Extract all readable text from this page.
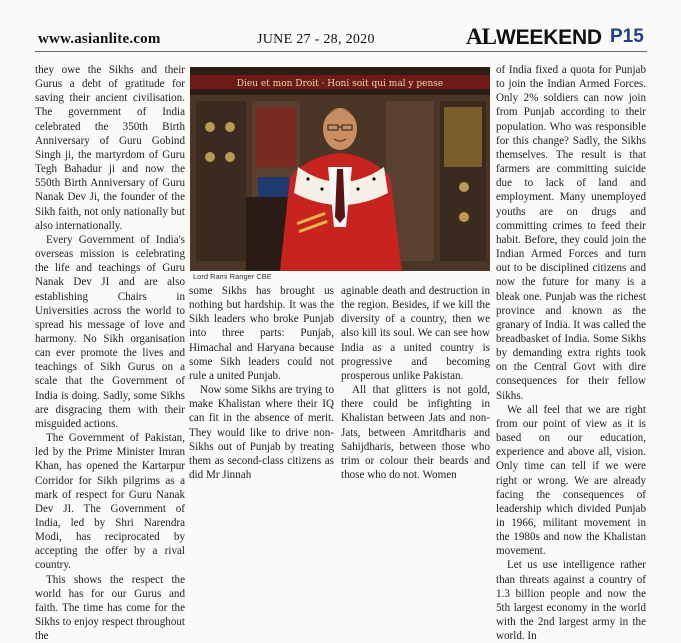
www.asianlite.com	JUNE 27 - 28, 2020	ALWEEKEND P15

they owe the Sikhs and their Gurus a debt of gratitude for saving their ancient civilisation. The government of India celebrated the 350th Birth Anniversary of Guru Gobind Singh ji, the martyrdom of Guru Tegh Bahadur ji and now the 550th Birth Anniversary of Guru Nanak Dev Ji, the founder of the Sikh faith, not only nationally but also internationally.

Every Government of India's overseas mission is celebrating the life and teachings of Guru Nanak Dev JI and are also establishing Chairs in Universities across the world to spread his message of love and harmony. No Sikh organisation can ever promote the lives and teachings of Sikh Gurus on a scale that the Government of India is doing. Sadly, some Sikhs are disgracing them with their misguided actions.

The Government of Pakistan, led by the Prime Minister Imran Khan, has opened the Kartarpur Corridor for Sikh pilgrims as a mark of respect for Guru Nanak Dev JI. The Government of India, led by Shri Narendra Modi, has reciprocated by accepting the offer by a rival country.

This shows the respect the world has for our Gurus and faith. The time has come for the Sikhs to enjoy respect throughout the

Dieu et mon Droit · Honi soit qui mal y pense
Lord Rami Ranger CBE

some Sikhs has brought us nothing but hardship. It was the Sikh leaders who broke Punjab into three parts: Punjab, Himachal and Haryana because some Sikh leaders could not rule a united Punjab.

Now some Sikhs are trying to make Khalistan where their IQ can fit in the absence of merit. They would like to drive non-Sikhs out of Punjab by treating them as second-class citizens as did Mr Jinnah

aginable death and destruction in the region. Besides, if we kill the diversity of a country, then we also kill its soul. We can see how India as a united country is progressive and becoming prosperous unlike Pakistan.

All that glitters is not gold, there could be infighting in Khalistan between Jats and non-Jats, between Amritdharis and Sahijdharis, between those who trim or colour their beards and those who do not. Women

of India fixed a quota for Punjab to join the Indian Armed Forces. Only 2% soldiers can now join from Punjab according to their population. Who was responsible for this change? Sadly, the Sikhs themselves. The result is that farmers are committing suicide due to lack of land and employment. Many unemployed youths are on drugs and committing crimes to feed their habit. Before, they could join the Indian Armed Forces and turn out to be disciplined citizens and now the future for many is a bleak one. Punjab was the richest province and known as the granary of India. It was called the breadbasket of India. Some Sikhs by demanding extra rights took on the Central Govt with dire consequences for their fellow Sikhs.

We all feel that we are right from our point of view as it is based on our education, experience and above all, vision. Only time can tell if we were right or wrong. We are already facing the consequences of leadership which divided Punjab in 1966, militant movement in the 1980s and now the Khalistan movement.

Let us use intelligence rather than threats against a country of 1.3 billion people and now the 5th largest economy in the world with the 2nd largest army in the world. In
